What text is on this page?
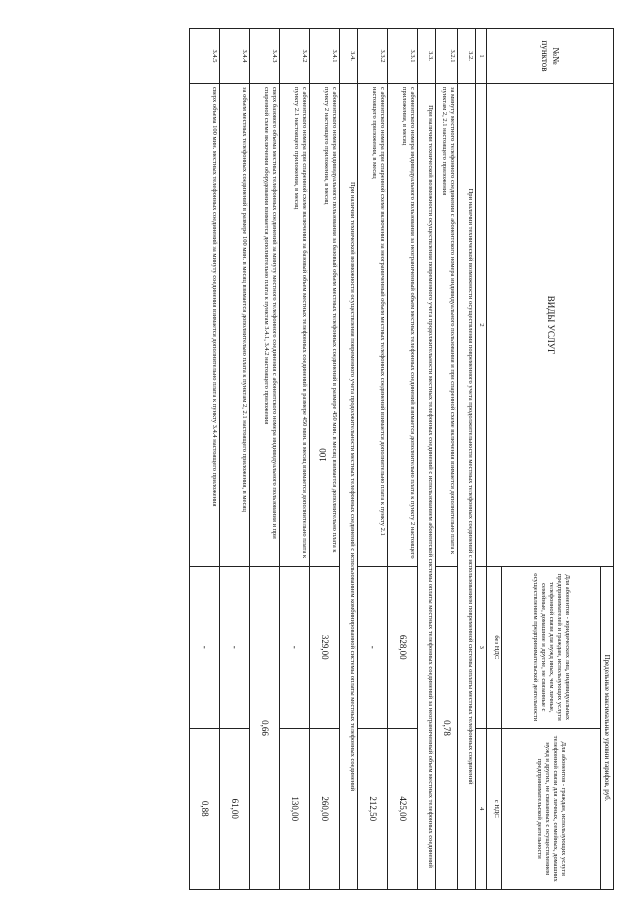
100
№№ пунктов	ВИДЫ УСЛУГ	Предельные максимальные уровни тарифов, руб.	
		Для абонентов - юридических лиц, индивидуальных предпринимателей и граждан, использующих услуги телефонной связи для нужд иных, чем личные, семейные, домашние и другие, не связанные с осуществлением предпринимательской деятельности	Для абонентов - граждан, использующих услуги телефонной связи для личных, семейных, домашних нужд и других, не связанных с осуществлением предпринимательской деятельности
		без НДС	с НДС
1	2	3	4
3.2.	При наличии технической возможности осуществления повременного учета продолжительности местных телефонных соединений с использованием повременной системы оплаты местных телефонных соединений		
3.2.1	за минуту местного телефонного соединения с абонентского номера индивидуального пользования и при спаренной схеме включения взимается дополнительно плата к пунктам 2, 2.1 настоящего приложения	0,78	
3.3.	При наличии технической возможности осуществления повременного учета продолжительности местных телефонных соединений с использованием абонентской системы оплаты местных телефонных соединений за неограниченный объем местных телефонных соединений		
3.3.1	с абонентского номера индивидуального пользования за неограниченный объем местных телефонных соединений взимается дополнительно плата к пункту 2 настоящего приложения, в месяц	628,00	425,00
3.3.2	с абонентского номера при спаренной схеме включения за неограниченный объем местных телефонных соединений взимается дополнительно плата к пункту 2.1 настоящего приложения, в месяц	-	212,50
3.4.	При наличии технической возможности осуществления повременного учета продолжительности местных телефонных соединений с использованием комбинированной системы оплаты местных телефонных соединений		
3.4.1	с абонентского номера индивидуального пользования за базовый объем местных телефонных соединений в размере 450 мин. в месяц взимается дополнительно плата к пункту 2 настоящего приложения, в месяц	329,00	260,00
3.4.2	с абонентского номера при спаренной схеме включения за базовый объем местных телефонных соединений в размере 450 мин. в месяц взимается дополнительно плата к пункту 2.1 настоящего приложения, в месяц	-	130,00
3.4.3	сверх базового объема местных телефонных соединений за минуту местного телефонного соединения с абонентского номера индивидуального пользования и при спаренной схеме включения оборудования взимается дополнительно плата к пунктам 3.4.1, 3.4.2 настоящего приложения	0,66	
3.4.4	за объем местных телефонных соединений в размере 100 мин. в месяц взимается дополнительно плата к пунктам 2, 2.1 настоящего приложения, в месяц	-	61,00
3.4.5	сверх объема 100 мин. местных телефонных соединений за минуту соединения взимается дополнительно плата к пункту 3.4.4 настоящего приложения	-	0,88
